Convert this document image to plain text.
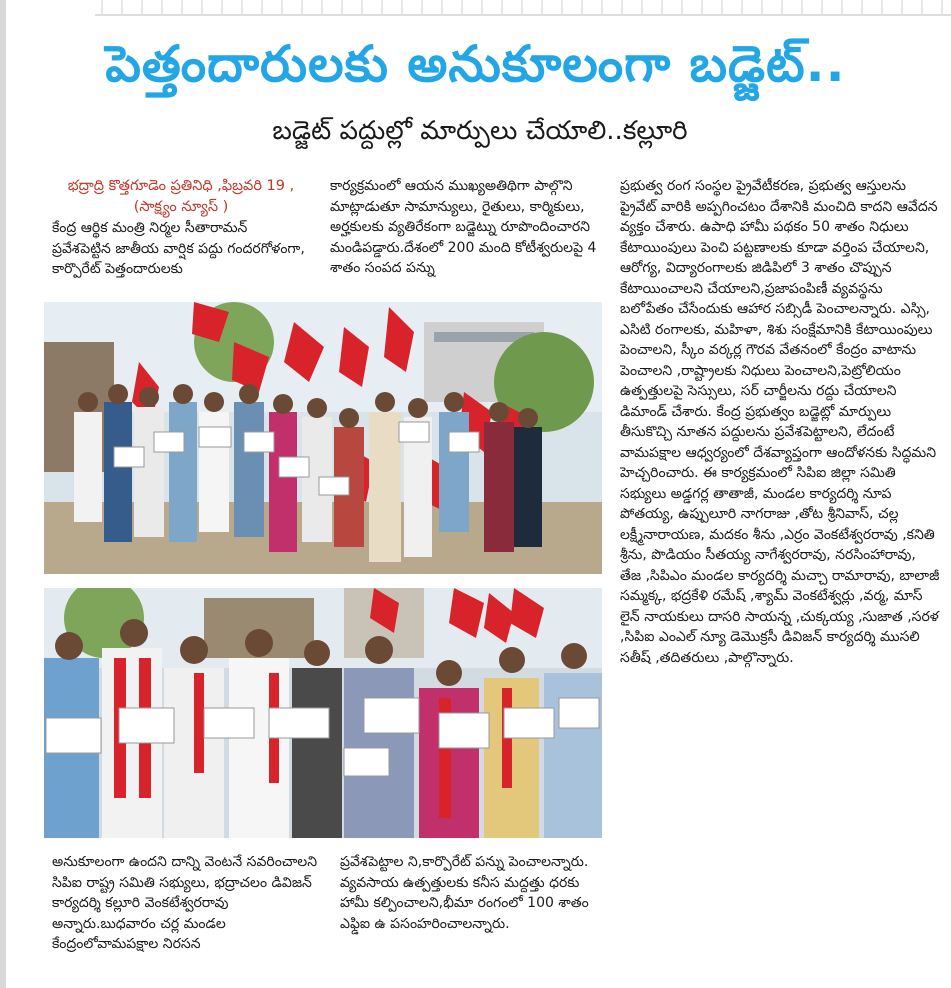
పెత్తందారులకు అనుకూలంగా బడ్జెట్..
బడ్జెట్ పద్దుల్లో మార్పులు చేయాలి..కల్లూరి
భద్రాద్రి కొత్తగూడెం ప్రతినిధి ,ఫిబ్రవరి 19 ,(సాక్ష్యం న్యూస్ )
కేంద్ర ఆర్థిక మంత్రి నిర్మల సీతారామన్ ప్రవేశపెట్టిన జాతీయ వార్షిక పద్దు గందరగోళంగా, కార్పొరేట్ పెత్తందారులకు
కార్యక్రమంలో ఆయన ముఖ్యఅతిథిగా పాల్గొని మాట్లాడుతూ సామాన్యులు, రైతులు, కార్మికులు, అర్హకులకు వ్యతిరేకంగా బడ్జెట్ను రూపొందించారని మండిపడ్డారు.దేశంలో 200 మంది కోటీశ్వరులపై 4 శాతం సంపద పన్ను
ప్రభుత్వ రంగ సంస్థల ప్రైవేటీకరణ, ప్రభుత్వ ఆస్తులను ప్రైవేట్ వారికి అప్పగించటం దేశానికి మంచిది కాదని ఆవేదన వ్యక్తం చేశారు. ఉపాధి హామీ పథకం 50 శాతం నిధులు కేటాయింపులు పెంచి పట్టణాలకు కూడా వర్తింప చేయాలని, ఆరోగ్య, విద్యారంగాలకు జిడిపిలో 3 శాతం చొప్పున కేటాయించాలని చేయాలని,ప్రజాపంపిణీ వ్యవస్థను బలోపేతం చేసేందుకు ఆహార సబ్సిడీ పెంచాలన్నారు. ఎస్సి, ఎసిటి రంగాలకు, మహిళా, శిశు సంక్షేమానికి కేటాయింపులు పెంచాలని, స్కీం వర్కర్ల గౌరవ వేతనంలో కేంద్రం వాటాను పెంచాలని ,రాష్ట్రాలకు నిధులు పెంచాలని,పెట్రోలియం ఉత్పత్తులపై సెస్సులు, సర్ చార్జీలను రద్దు చేయాలని డిమాండ్ చేశారు. కేంద్ర ప్రభుత్వం బడ్జెట్లో మార్పులు తీసుకొచ్చి నూతన పద్దులను ప్రవేశపెట్టాలని, లేదంటే వామపక్షాల ఆధ్వర్యంలో దేశవ్యాప్తంగా ఆందోళనకు సిద్ధమని హెచ్చరించారు. ఈ కార్యక్రమంలో సిపిఐ జిల్లా సమితి సభ్యులు అడ్డగర్ల తాతాజీ, మండల కార్యదర్శి నూప పోతయ్య, ఉప్పులూరి నాగరాజు ,తోట శ్రీనివాస్, చల్ల లక్ష్మీనారాయణ, మదకం శీను ,ఎర్రం వెంకటేశ్వరరావు ,కనితి శ్రీను, పొడియం సీతయ్య నాగేశ్వరరావు, నరసింహారావు, తేజ ,సిపిఎం మండల కార్యదర్శి మచ్చా రామారావు, బాలాజీ సమ్మక్క, భద్రకేళి రమేష్ ,శ్యామ్ వెంకటేశ్వర్లు ,వర్మ, మాస్ లైన్ నాయకులు దాసరి సాయన్న ,చుక్కయ్య ,సుజాత ,సరళ ,సిపిఐ ఎంఎల్ న్యూ డెమొక్రసీ డివిజన్ కార్యదర్శి ముసలి సతీష్ ,తదితరులు ,పాల్గొన్నారు.
అనుకూలంగా ఉందని దాన్ని వెంటనే సవరించాలని సిపిఐ రాష్ట్ర సమితి సభ్యులు, భద్రాచలం డివిజన్ కార్యదర్శి కల్లూరి వెంకటేశ్వరరావు అన్నారు.బుధవారం చర్ల మండల కేంద్రంలోవామపక్షాల నిరసన
ప్రవేశపెట్టాల ని,కార్పొరేట్ పన్ను పెంచాలన్నారు. వ్యవసాయ ఉత్పత్తులకు కనీస మద్దత్తు ధరకు హామీ కల్పించాలని,భీమా రంగంలో 100 శాతం ఎఫ్డిఐ ఉ పసంహరించాలన్నారు.
